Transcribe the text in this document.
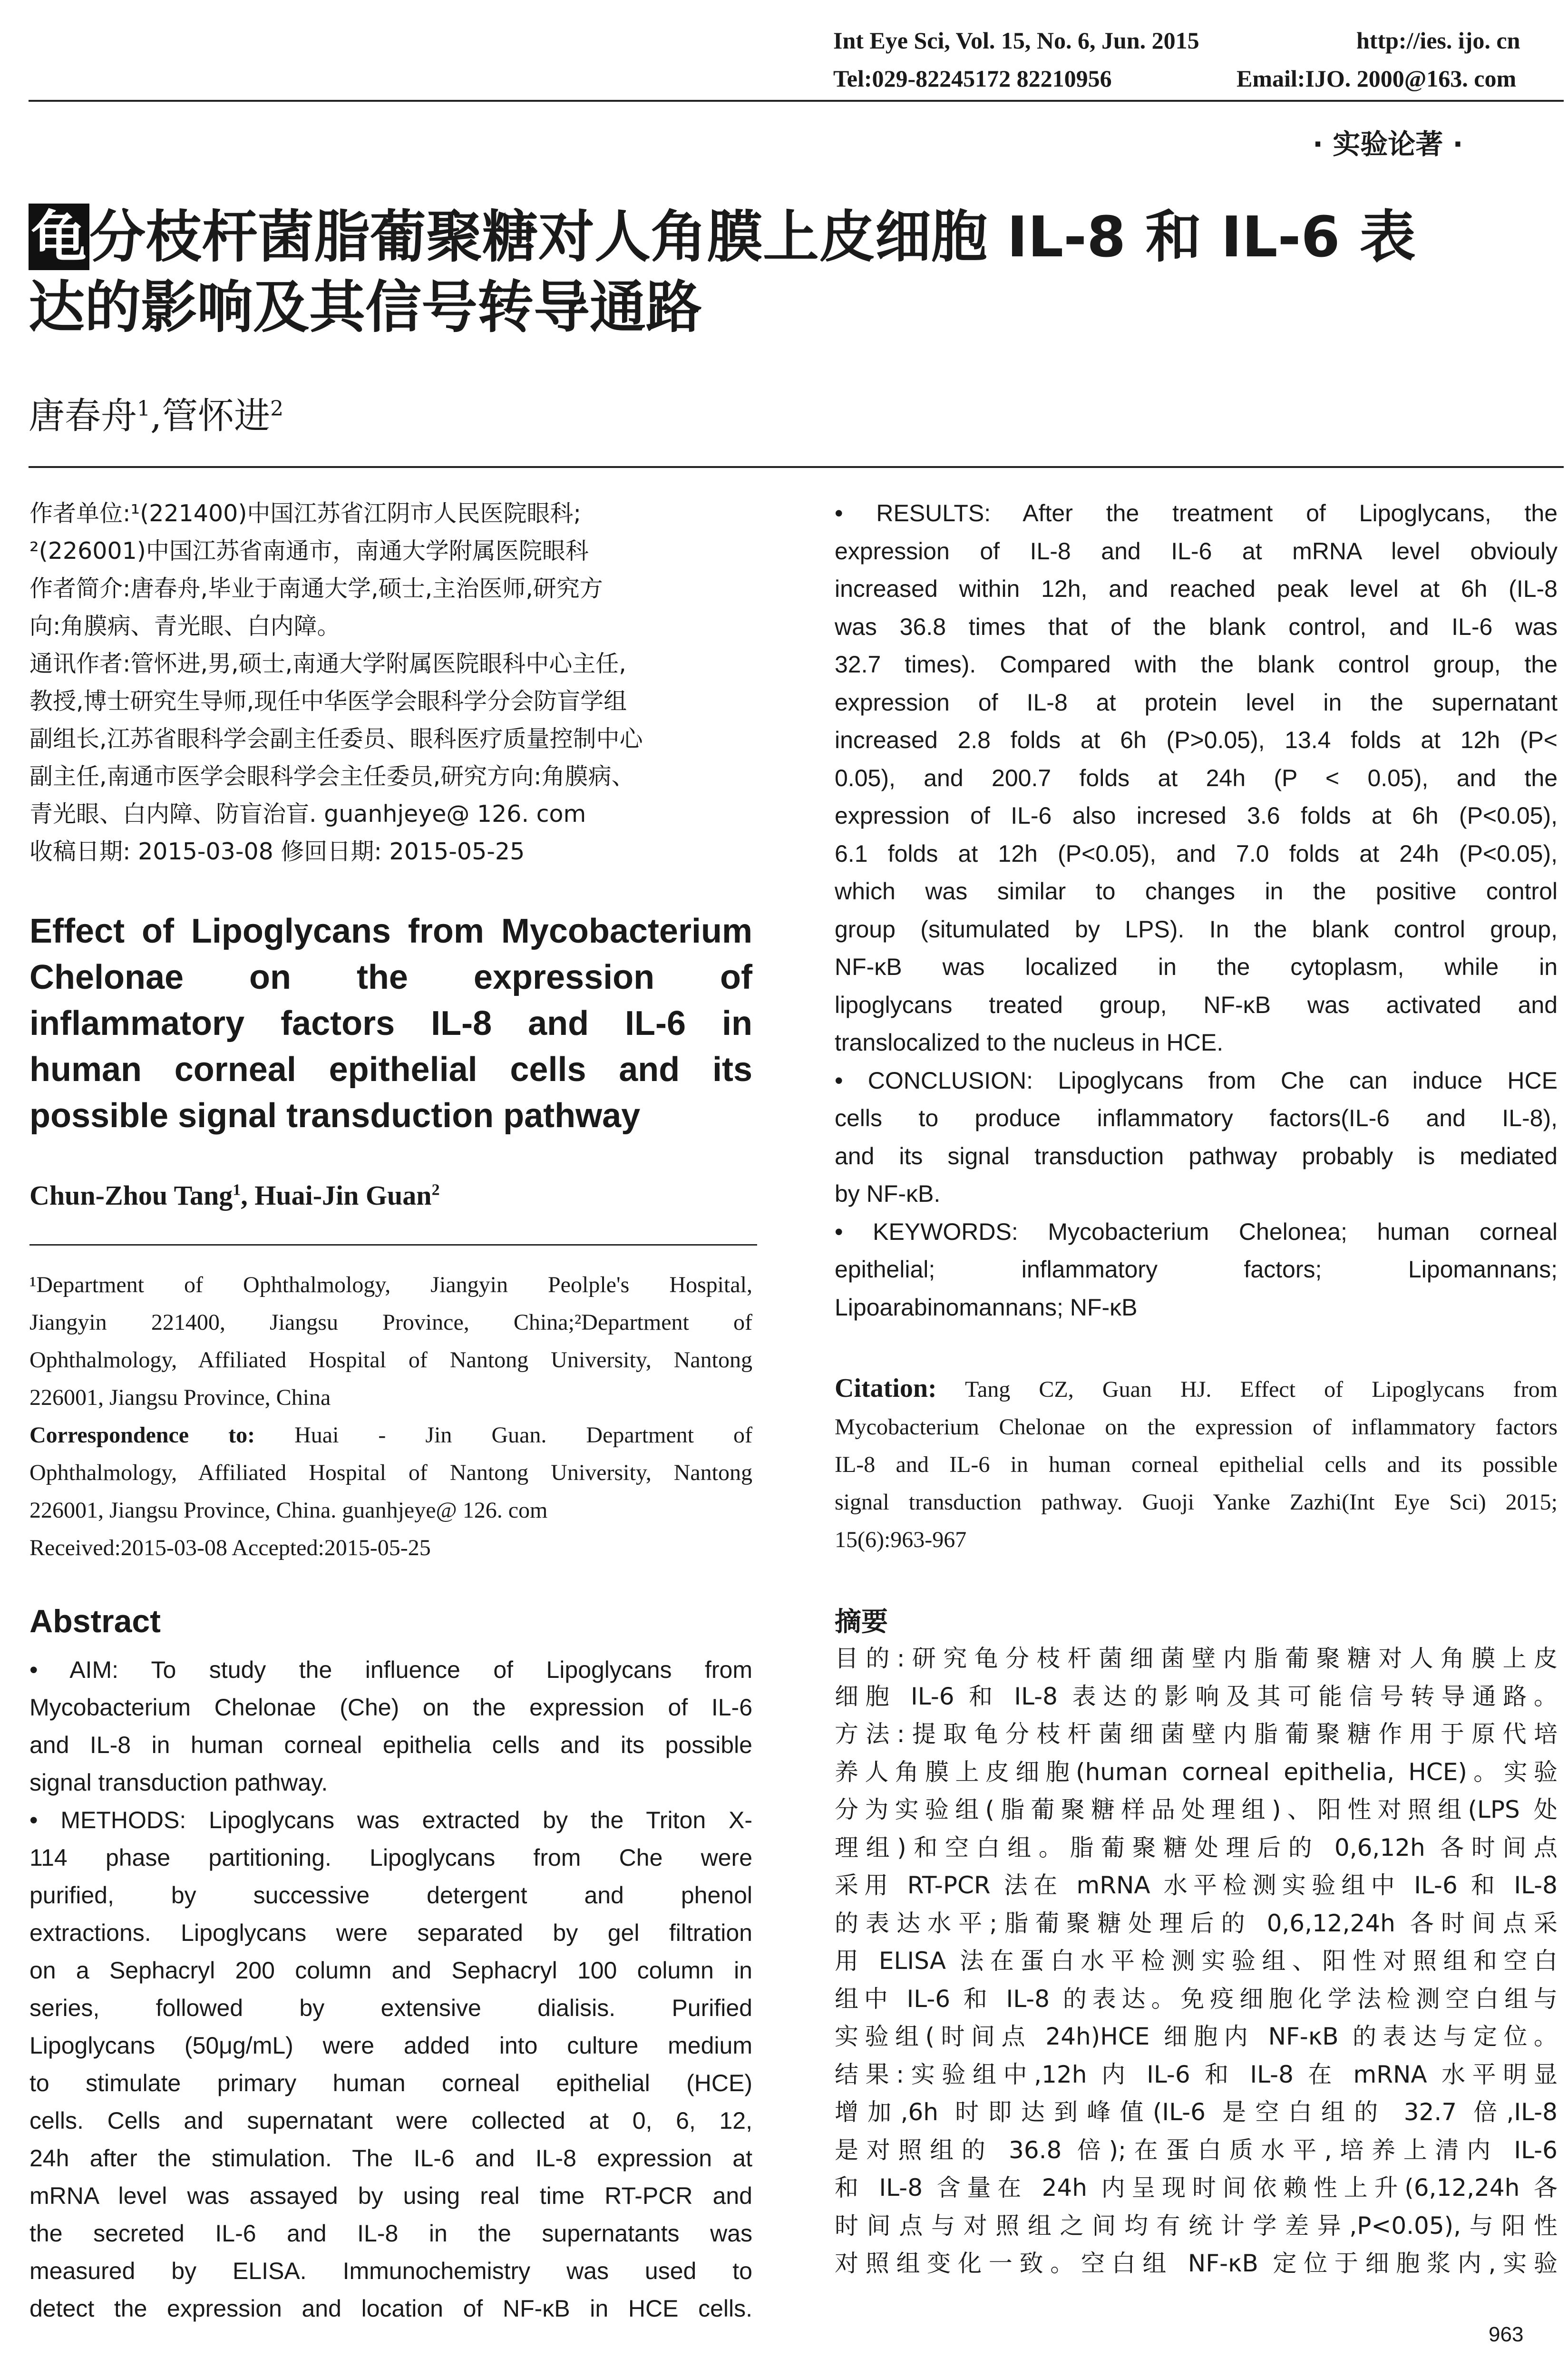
Int Eye Sci, Vol. 15, No. 6, Jun. 2015	http://ies. ijo. cn
Tel:029-82245172 82210956	Email:IJO. 2000@163. com
· 实验论著 ·
龟分枝杆菌脂葡聚糖对人角膜上皮细胞 IL-8 和 IL-6 表
达的影响及其信号转导通路
唐春舟$^1$,管怀进$^2$
作者单位:¹(221400)中国江苏省江阴市人民医院眼科;
²(226001)中国江苏省南通市，南通大学附属医院眼科
作者简介:唐春舟,毕业于南通大学,硕士,主治医师,研究方
向:角膜病、青光眼、白内障。
通讯作者:管怀进,男,硕士,南通大学附属医院眼科中心主任,
教授,博士研究生导师,现任中华医学会眼科学分会防盲学组
副组长,江苏省眼科学会副主任委员、眼科医疗质量控制中心
副主任,南通市医学会眼科学会主任委员,研究方向:角膜病、
青光眼、白内障、防盲治盲. guanhjeye@ 126. com
收稿日期: 2015-03-08 修回日期: 2015-05-25
Effect of Lipoglycans from Mycobacterium
Chelonae on the expression of
inflammatory factors IL-8 and IL-6 in
human corneal epithelial cells and its
possible signal transduction pathway
Chun-Zhou Tang$^1$, Huai-Jin Guan$^2$
¹Department of Ophthalmology, Jiangyin Peolple's Hospital,
Jiangyin 221400, Jiangsu Province, China;²Department of
Ophthalmology, Affiliated Hospital of Nantong University, Nantong
226001, Jiangsu Province, China
Correspondence to: Huai - Jin Guan. Department of
Ophthalmology, Affiliated Hospital of Nantong University, Nantong
226001, Jiangsu Province, China. guanhjeye@ 126. com
Received:2015-03-08 Accepted:2015-05-25
Abstract
• AIM: To study the influence of Lipoglycans from
Mycobacterium Chelonae (Che) on the expression of IL-6
and IL-8 in human corneal epithelia cells and its possible
signal transduction pathway.
• METHODS: Lipoglycans was extracted by the Triton X-
114 phase partitioning. Lipoglycans from Che were
purified, by successive detergent and phenol
extractions. Lipoglycans were separated by gel filtration
on a Sephacryl 200 column and Sephacryl 100 column in
series, followed by extensive dialisis. Purified
Lipoglycans (50μg/mL) were added into culture medium
to stimulate primary human corneal epithelial (HCE)
cells. Cells and supernatant were collected at 0, 6, 12,
24h after the stimulation. The IL-6 and IL-8 expression at
mRNA level was assayed by using real time RT-PCR and
the secreted IL-6 and IL-8 in the supernatants was
measured by ELISA. Immunochemistry was used to
detect the expression and location of NF-κB in HCE cells.
• RESULTS: After the treatment of Lipoglycans, the
expression of IL-8 and IL-6 at mRNA level obviouly
increased within 12h, and reached peak level at 6h (IL-8
was 36.8 times that of the blank control, and IL-6 was
32.7 times). Compared with the blank control group, the
expression of IL-8 at protein level in the supernatant
increased 2.8 folds at 6h (P>0.05), 13.4 folds at 12h (P<
0.05), and 200.7 folds at 24h (P < 0.05), and the
expression of IL-6 also incresed 3.6 folds at 6h (P<0.05),
6.1 folds at 12h (P<0.05), and 7.0 folds at 24h (P<0.05),
which was similar to changes in the positive control
group (situmulated by LPS). In the blank control group,
NF-κB was localized in the cytoplasm, while in
lipoglycans treated group, NF-κB was activated and
translocalized to the nucleus in HCE.
• CONCLUSION: Lipoglycans from Che can induce HCE
cells to produce inflammatory factors(IL-6 and IL-8),
and its signal transduction pathway probably is mediated
by NF-κB.
• KEYWORDS: Mycobacterium Chelonea; human corneal
epithelial; inflammatory factors; Lipomannans;
Lipoarabinomannans; NF-κB
Citation: Tang CZ, Guan HJ. Effect of Lipoglycans from
Mycobacterium Chelonae on the expression of inflammatory factors
IL-8 and IL-6 in human corneal epithelial cells and its possible
signal transduction pathway. Guoji Yanke Zazhi(Int Eye Sci) 2015;
15(6):963-967
摘要
目的:研究龟分枝杆菌细菌壁内脂葡聚糖对人角膜上皮
细胞 IL-6 和 IL-8 表达的影响及其可能信号转导通路。
方法:提取龟分枝杆菌细菌壁内脂葡聚糖作用于原代培
养人角膜上皮细胞(human corneal epithelia, HCE)。实验
分为实验组(脂葡聚糖样品处理组)、阳性对照组(LPS 处
理组)和空白组。脂葡聚糖处理后的 0,6,12h 各时间点
采用 RT-PCR 法在 mRNA 水平检测实验组中 IL-6 和 IL-8
的表达水平;脂葡聚糖处理后的 0,6,12,24h 各时间点采
用 ELISA 法在蛋白水平检测实验组、阳性对照组和空白
组中 IL-6 和 IL-8 的表达。免疫细胞化学法检测空白组与
实验组(时间点 24h)HCE 细胞内 NF-κB 的表达与定位。
结果:实验组中,12h 内 IL-6 和 IL-8 在 mRNA 水平明显
增加,6h 时即达到峰值(IL-6 是空白组的 32.7 倍,IL-8
是对照组的 36.8 倍);在蛋白质水平,培养上清内 IL-6
和 IL-8 含量在 24h 内呈现时间依赖性上升(6,12,24h 各
时间点与对照组之间均有统计学差异,P<0.05),与阳性
对照组变化一致。空白组 NF-κB 定位于细胞浆内,实验
963
